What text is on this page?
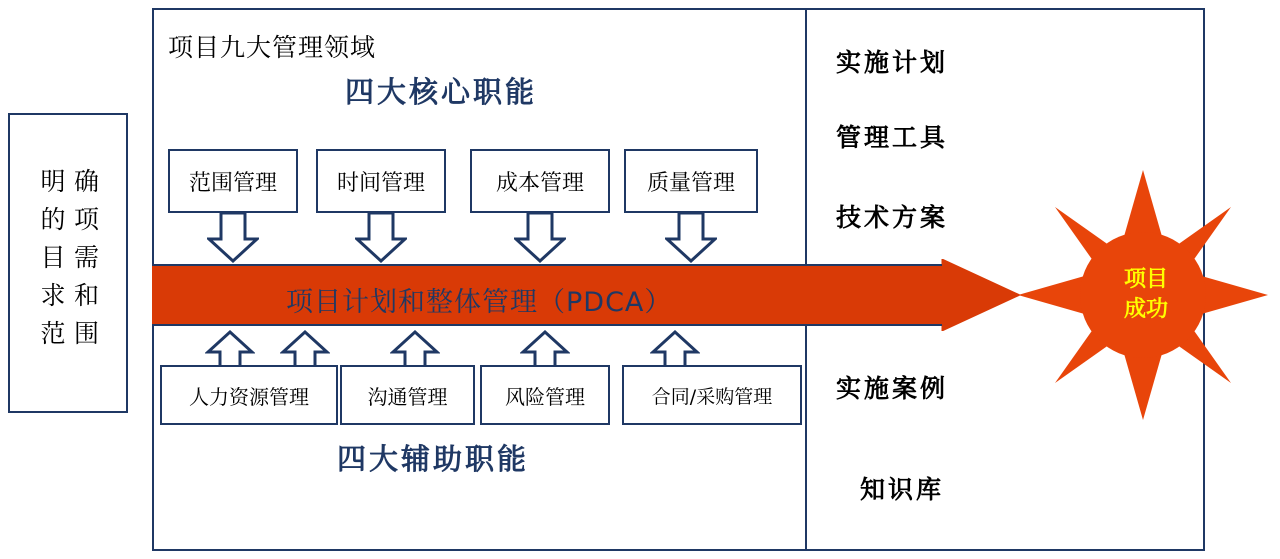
确项需和围
明的目求范
项目九大管理领域
四大核心职能
四大辅助职能
范围管理	时间管理	成本管理	质量管理
项目计划和整体管理（PDCA）
人力资源管理	沟通管理	风险管理	合同/采购管理
实施计划
管理工具
技术方案
实施案例
知识库
项目
成功
